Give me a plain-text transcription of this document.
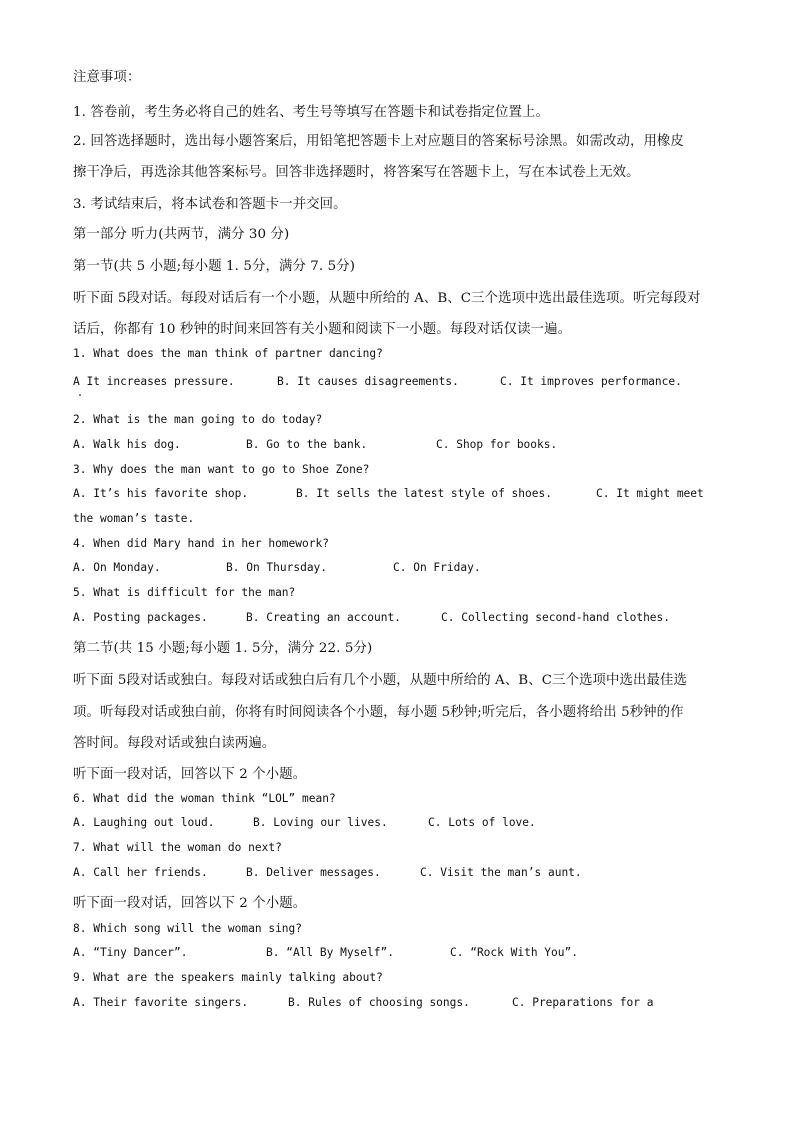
注意事项：
1. 答卷前，考生务必将自己的姓名、考生号等填写在答题卡和试卷指定位置上。
2. 回答选择题时，选出每小题答案后，用铅笔把答题卡上对应题目的答案标号涂黑。如需改动，用橡皮
擦干净后，再选涂其他答案标号。回答非选择题时，将答案写在答题卡上，写在本试卷上无效。
3. 考试结束后，将本试卷和答题卡一并交回。
第一部分 听力(共两节，满分 30 分)
第一节(共 5 小题;每小题 1. 5分，满分 7. 5分)
听下面 5段对话。每段对话后有一个小题，从题中所给的 A、B、C三个选项中选出最佳选项。听完每段对
话后，你都有 10 秒钟的时间来回答有关小题和阅读下一小题。每段对话仅读一遍。
1. What does the man think of partner dancing?
A It increases pressure.	B. It causes disagreements.	C. It improves performance.
2. What is the man going to do today?
A. Walk his dog.	B. Go to the bank.	C. Shop for books.
3. Why does the man want to go to Shoe Zone?
A. It’s his favorite shop.	B. It sells the latest style of shoes.	C. It might meet
the woman’s taste.
4. When did Mary hand in her homework?
A. On Monday.	B. On Thursday.	C. On Friday.
5. What is difficult for the man?
A. Posting packages.	B. Creating an account.	C. Collecting second-hand clothes.
第二节(共 15 小题;每小题 1. 5分，满分 22. 5分)
听下面 5段对话或独白。每段对话或独白后有几个小题，从题中所给的 A、B、C三个选项中选出最佳选
项。听每段对话或独白前，你将有时间阅读各个小题，每小题 5秒钟;听完后，各小题将给出 5秒钟的作
答时间。每段对话或独白读两遍。
听下面一段对话，回答以下 2 个小题。
6. What did the woman think “LOL” mean?
A. Laughing out loud.	B. Loving our lives.	C. Lots of love.
7. What will the woman do next?
A. Call her friends.	B. Deliver messages.	C. Visit the man’s aunt.
听下面一段对话，回答以下 2 个小题。
8. Which song will the woman sing?
A. “Tiny Dancer”.	B. “All By Myself”.	C. “Rock With You”.
9. What are the speakers mainly talking about?
A. Their favorite singers.	B. Rules of choosing songs.	C. Preparations for a
